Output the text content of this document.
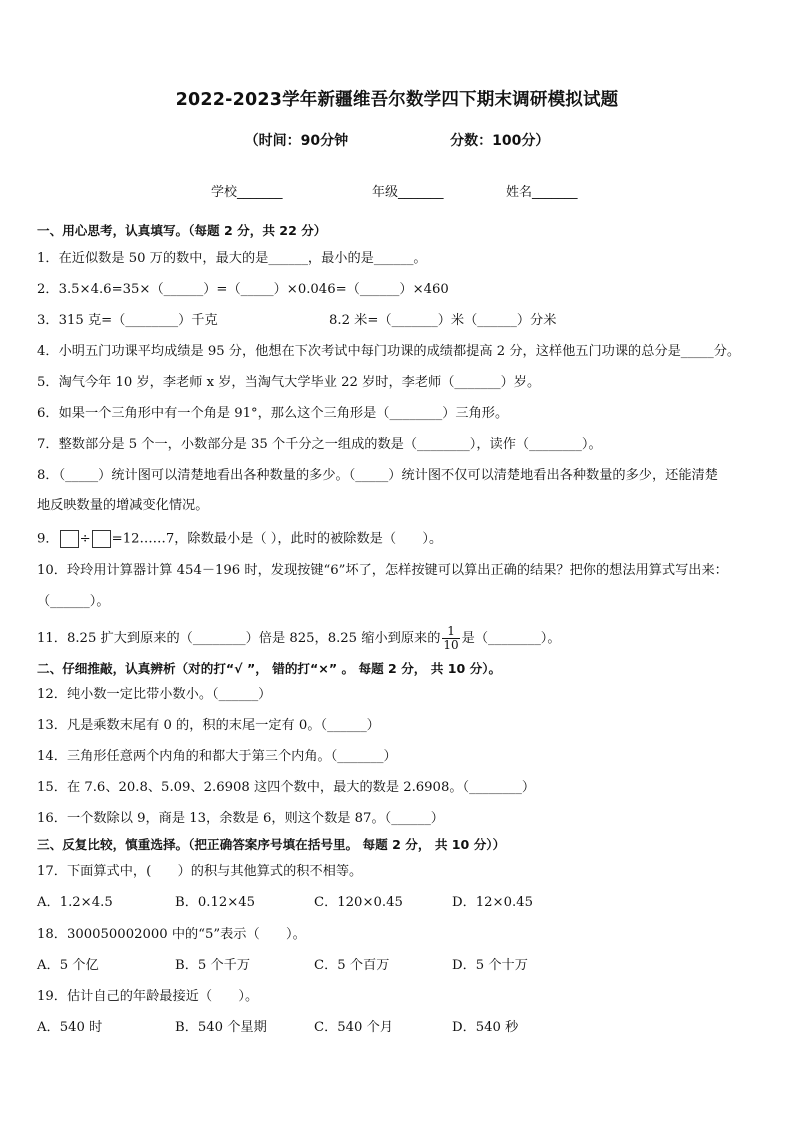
2022-2023学年新疆维吾尔数学四下期末调研模拟试题
（时间：90分钟	分数：100分）
学校_______	年级_______	姓名_______
一、用心思考，认真填写。（每题 2 分，共 22 分）
1．在近似数是 50 万的数中，最大的是______，最小的是______。
2．3.5×4.6=35×（______）=（_____）×0.046=（______）×460
3．315 克=（________）千克	8.2 米=（_______）米（______）分米
4．小明五门功课平均成绩是 95 分，他想在下次考试中每门功课的成绩都提高 2 分，这样他五门功课的总分是_____分。
5．淘气今年 10 岁，李老师 x 岁，当淘气大学毕业 22 岁时，李老师（_______）岁。
6．如果一个三角形中有一个角是 91°，那么这个三角形是（________）三角形。
7．整数部分是 5 个一，小数部分是 35 个千分之一组成的数是（________），读作（________）。
8．（_____）统计图可以清楚地看出各种数量的多少。（_____）统计图不仅可以清楚地看出各种数量的多少，还能清楚
地反映数量的增减变化情况。
9． ÷ =12……7，除数最小是（ ），此时的被除数是（　　）。
10．玲玲用计算器计算 454－196 时，发现按键“6”坏了，怎样按键可以算出正确的结果？把你的想法用算式写出来：
（______）。
11．8.25 扩大到原来的（________）倍是 825，8.25 缩小到原来的 $\frac{1}{10}$ 是（________）。
二、仔细推敲，认真辨析（对的打“√ ”， 错的打“×” 。 每题 2 分， 共 10 分）。
12．纯小数一定比带小数小。（______）
13．凡是乘数末尾有 0 的，积的末尾一定有 0。（______）
14．三角形任意两个内角的和都大于第三个内角。（_______）
15．在 7.6、20.8、5.09、2.6908 这四个数中，最大的数是 2.6908。（________）
16．一个数除以 9，商是 13，余数是 6，则这个数是 87。（______）
三、反复比较，慎重选择。（把正确答案序号填在括号里。 每题 2 分， 共 10 分））
17．下面算式中，(　　）的积与其他算式的积不相等。
A．1.2×4.5	B．0.12×45	C．120×0.45	D．12×0.45
18．300050002000 中的“5”表示（　　）。
A．5 个亿	B．5 个千万	C．5 个百万	D．5 个十万
19．估计自己的年龄最接近（　　）。
A．540 时	B．540 个星期	C．540 个月	D．540 秒
